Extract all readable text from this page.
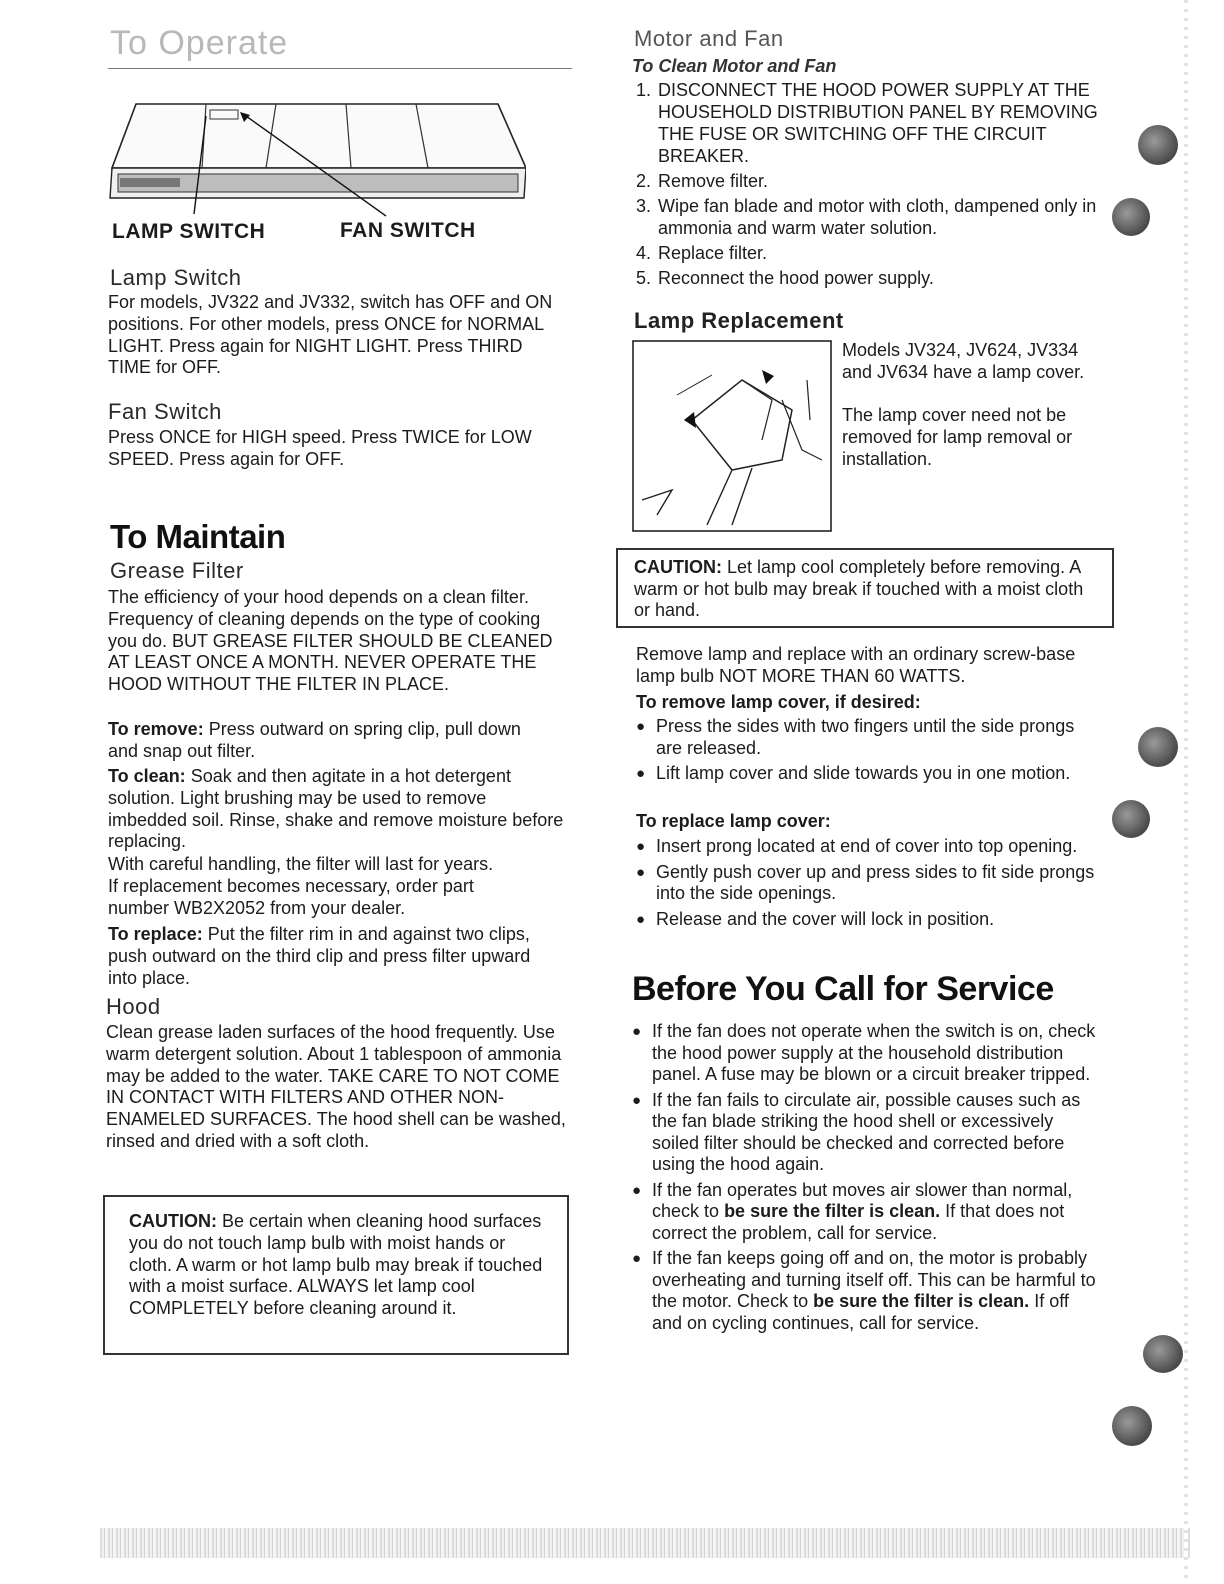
To Operate
LAMP SWITCH	FAN SWITCH
Lamp Switch

For models, JV322 and JV332, switch has OFF and ON positions. For other models, press ONCE for NORMAL LIGHT. Press again for NIGHT LIGHT. Press THIRD TIME for OFF.

Fan Switch

Press ONCE for HIGH speed. Press TWICE for LOW SPEED. Press again for OFF.

To Maintain
Grease Filter

The efficiency of your hood depends on a clean filter. Frequency of cleaning depends on the type of cooking you do. BUT GREASE FILTER SHOULD BE CLEANED AT LEAST ONCE A MONTH. NEVER OPERATE THE HOOD WITHOUT THE FILTER IN PLACE.

To remove: Press outward on spring clip, pull down and snap out filter.

To clean: Soak and then agitate in a hot detergent solution. Light brushing may be used to remove imbedded soil. Rinse, shake and remove moisture before replacing.

With careful handling, the filter will last for years.

If replacement becomes necessary, order part number WB2X2052 from your dealer.

To replace: Put the filter rim in and against two clips, push outward on the third clip and press filter upward into place.

Hood

Clean grease laden surfaces of the hood frequently. Use warm detergent solution. About 1 tablespoon of ammonia may be added to the water. TAKE CARE TO NOT COME IN CONTACT WITH FILTERS AND OTHER NON-ENAMELED SURFACES. The hood shell can be washed, rinsed and dried with a soft cloth.

CAUTION: Be certain when cleaning hood surfaces you do not touch lamp bulb with moist hands or cloth. A warm or hot lamp bulb may break if touched with a moist surface. ALWAYS let lamp cool COMPLETELY before cleaning around it.

Motor and Fan
To Clean Motor and Fan
1. DISCONNECT THE HOOD POWER SUPPLY AT THE HOUSEHOLD DISTRIBUTION PANEL BY REMOVING THE FUSE OR SWITCHING OFF THE CIRCUIT BREAKER.
2. Remove filter.
3. Wipe fan blade and motor with cloth, dampened only in ammonia and warm water solution.
4. Replace filter.
5. Reconnect the hood power supply.
Lamp Replacement

Models JV324, JV624, JV334 and JV634 have a lamp cover.

The lamp cover need not be removed for lamp removal or installation.

CAUTION: Let lamp cool completely before removing. A warm or hot bulb may break if touched with a moist cloth or hand.

Remove lamp and replace with an ordinary screw-base lamp bulb NOT MORE THAN 60 WATTS.

To remove lamp cover, if desired:
● Press the sides with two fingers until the side prongs are released.
● Lift lamp cover and slide towards you in one motion.
To replace lamp cover:
● Insert prong located at end of cover into top opening.
● Gently push cover up and press sides to fit side prongs into the side openings.
● Release and the cover will lock in position.
Before You Call for Service
● If the fan does not operate when the switch is on, check the hood power supply at the household distribution panel. A fuse may be blown or a circuit breaker tripped.
● If the fan fails to circulate air, possible causes such as the fan blade striking the hood shell or excessively soiled filter should be checked and corrected before using the hood again.
● If the fan operates but moves air slower than normal, check to be sure the filter is clean. If that does not correct the problem, call for service.
● If the fan keeps going off and on, the motor is probably overheating and turning itself off. This can be harmful to the motor. Check to be sure the filter is clean. If off and on cycling continues, call for service.
